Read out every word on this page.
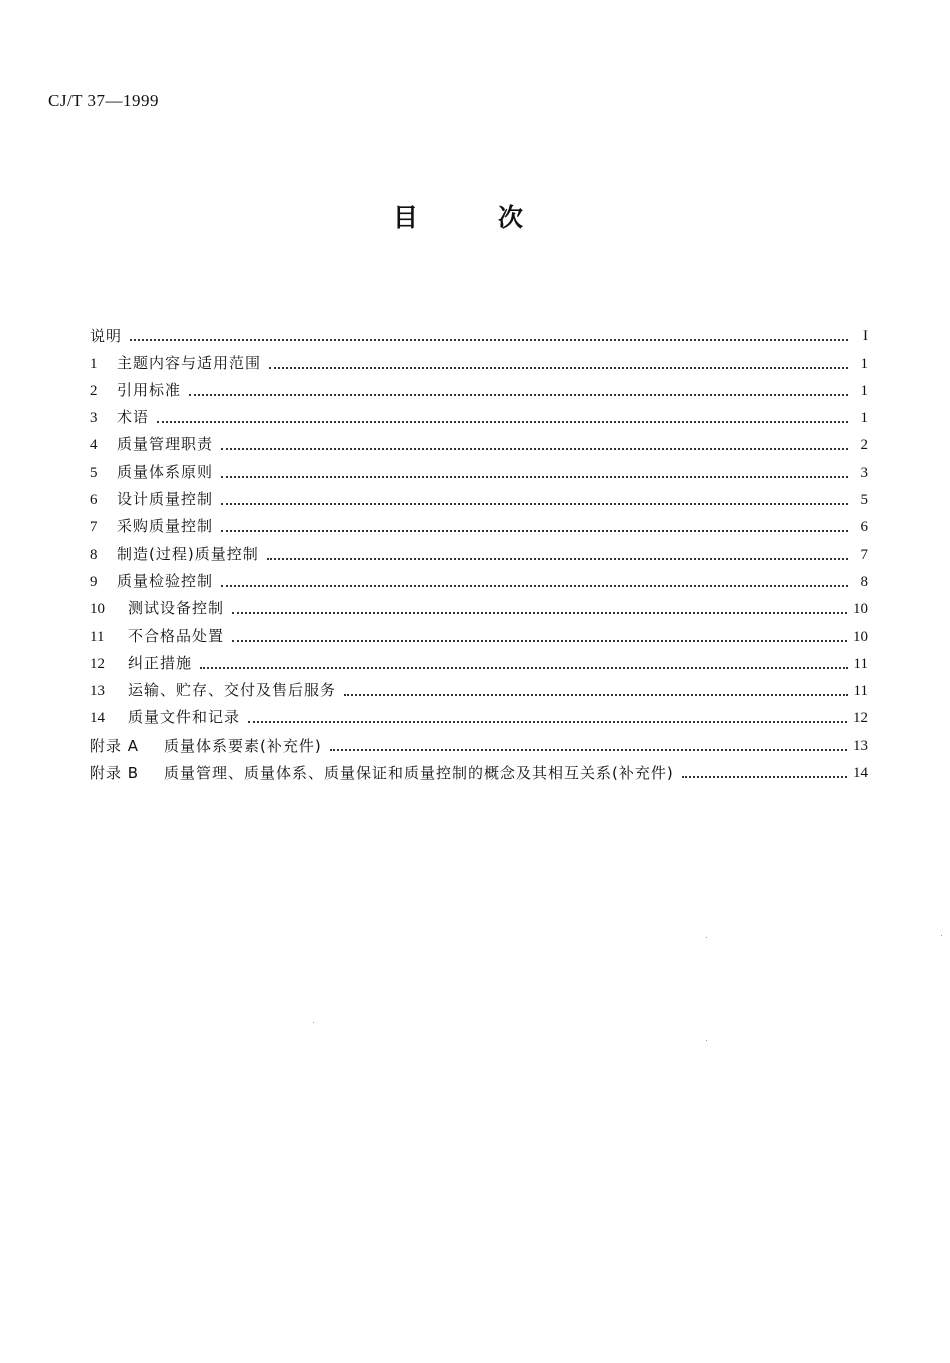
CJ/T 37—1999
目次
说明	I
1 主题内容与适用范围	1
2 引用标准	1
3 术语	1
4 质量管理职责	2
5 质量体系原则	3
6 设计质量控制	5
7 采购质量控制	6
8 制造(过程)质量控制	7
9 质量检验控制	8
10 测试设备控制	10
11 不合格品处置	10
12 纠正措施	11
13 运输、贮存、交付及售后服务	11
14 质量文件和记录	12
附录 A 质量体系要素(补充件)	13
附录 B 质量管理、质量体系、质量保证和质量控制的概念及其相互关系(补充件)	14
